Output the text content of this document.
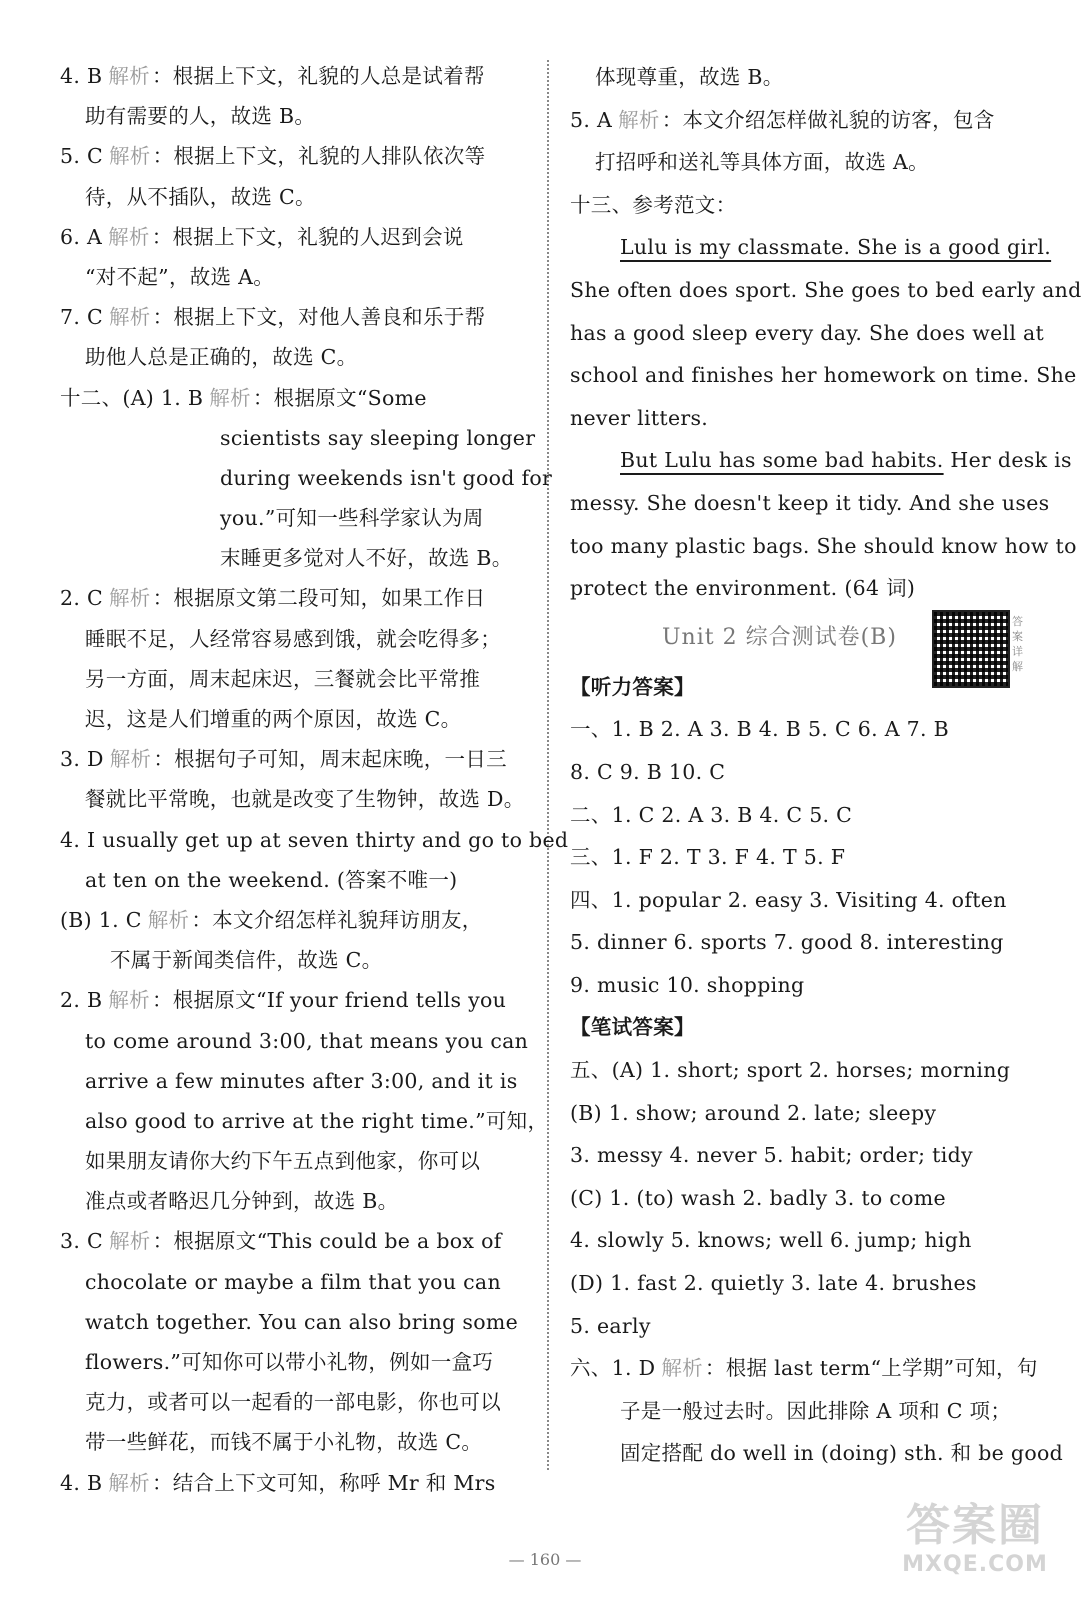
4. B 解析：根据上下文，礼貌的人总是试着帮
助有需要的人，故选 B。
5. C 解析：根据上下文，礼貌的人排队依次等
待，从不插队，故选 C。
6. A 解析：根据上下文，礼貌的人迟到会说
“对不起”，故选 A。
7. C 解析：根据上下文，对他人善良和乐于帮
助他人总是正确的，故选 C。
十二、(A) 1. B 解析：根据原文“Some
scientists say sleeping longer
during weekends isn't good for
you.”可知一些科学家认为周
末睡更多觉对人不好，故选 B。
2. C 解析：根据原文第二段可知，如果工作日
睡眠不足，人经常容易感到饿，就会吃得多；
另一方面，周末起床迟，三餐就会比平常推
迟，这是人们增重的两个原因，故选 C。
3. D 解析：根据句子可知，周末起床晚，一日三
餐就比平常晚，也就是改变了生物钟，故选 D。
4. I usually get up at seven thirty and go to bed
at ten on the weekend. (答案不唯一)
(B) 1. C 解析：本文介绍怎样礼貌拜访朋友，
不属于新闻类信件，故选 C。
2. B 解析：根据原文“If your friend tells you
to come around 3:00, that means you can
arrive a few minutes after 3:00, and it is
also good to arrive at the right time.”可知，
如果朋友请你大约下午五点到他家，你可以
准点或者略迟几分钟到，故选 B。
3. C 解析：根据原文“This could be a box of
chocolate or maybe a film that you can
watch together. You can also bring some
flowers.”可知你可以带小礼物，例如一盒巧
克力，或者可以一起看的一部电影，你也可以
带一些鲜花，而钱不属于小礼物，故选 C。
4. B 解析：结合上下文可知，称呼 Mr 和 Mrs
体现尊重，故选 B。
5. A 解析：本文介绍怎样做礼貌的访客，包含
打招呼和送礼等具体方面，故选 A。
十三、参考范文：
Lulu is my classmate. She is a good girl.
She often does sport. She goes to bed early and
has a good sleep every day. She does well at
school and finishes her homework on time. She
never litters.
But Lulu has some bad habits. Her desk is
messy. She doesn't keep it tidy. And she uses
too many plastic bags. She should know how to
protect the environment. (64 词)
Unit 2 综合测试卷(B)
答案详解
【听力答案】
一、1. B 2. A 3. B 4. B 5. C 6. A 7. B
8. C 9. B 10. C
二、1. C 2. A 3. B 4. C 5. C
三、1. F 2. T 3. F 4. T 5. F
四、1. popular 2. easy 3. Visiting 4. often
5. dinner 6. sports 7. good 8. interesting
9. music 10. shopping
【笔试答案】
五、(A) 1. short; sport 2. horses; morning
(B) 1. show; around 2. late; sleepy
3. messy 4. never 5. habit; order; tidy
(C) 1. (to) wash 2. badly 3. to come
4. slowly 5. knows; well 6. jump; high
(D) 1. fast 2. quietly 3. late 4. brushes
5. early
六、1. D 解析：根据 last term“上学期”可知，句
子是一般过去时。因此排除 A 项和 C 项；
固定搭配 do well in (doing) sth. 和 be good
— 160 —
答案圈
MXQE.COM
